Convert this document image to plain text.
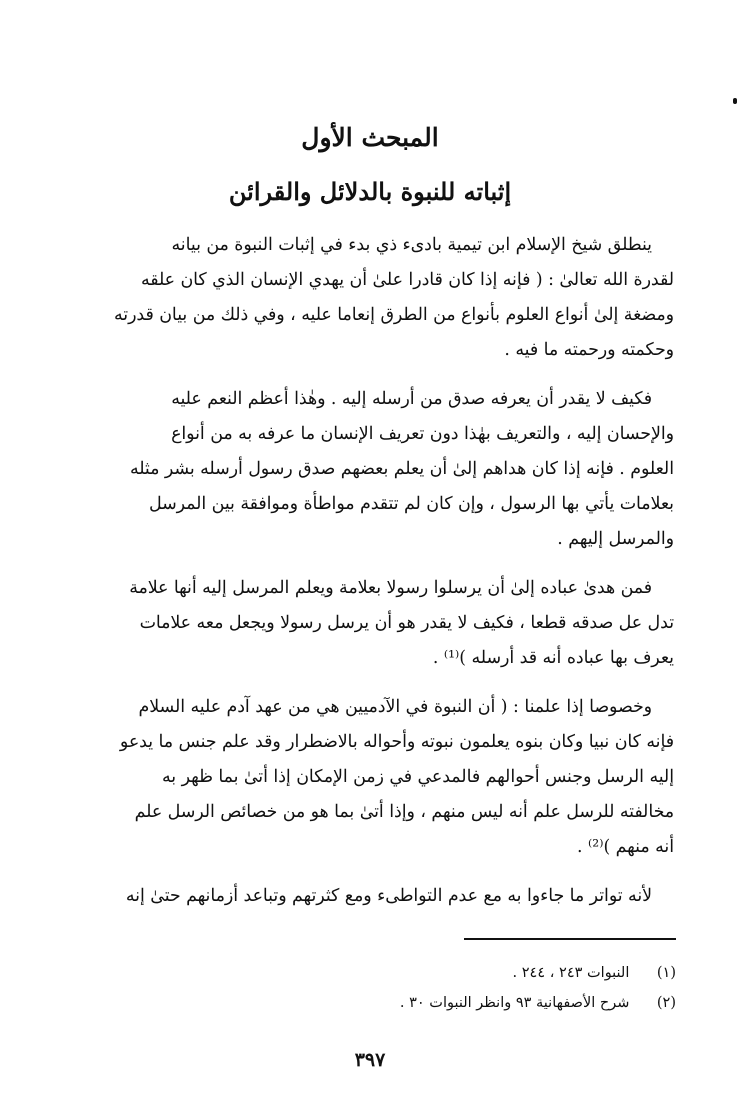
المبحث الأول
إثباته للنبوة بالدلائل والقرائن

ينطلق شيخ الإسلام ابن تيمية بادىء ذي بدء في إثبات النبوة من بيانه
لقدرة الله تعالىٰ : ( فإنه إذا كان قادرا علىٰ أن يهدي الإنسان الذي كان علقه
ومضغة إلىٰ أنواع العلوم بأنواع من الطرق إنعاما عليه ، وفي ذلك من بيان قدرته
وحكمته ورحمته ما فيه .

فكيف لا يقدر أن يعرفه صدق من أرسله إليه . وهٰذا أعظم النعم عليه
والإحسان إليه ، والتعريف بهٰذا دون تعريف الإنسان ما عرفه به من أنواع
العلوم . فإنه إذا كان هداهم إلىٰ أن يعلم بعضهم صدق رسول أرسله بشر مثله
بعلامات يأتي بها الرسول ، وإن كان لم تتقدم مواطأة وموافقة بين المرسل
والمرسل إليهم .

فمن هدىٰ عباده إلىٰ أن يرسلوا رسولا بعلامة ويعلم المرسل إليه أنها علامة
تدل عل صدقه قطعا ، فكيف لا يقدر هو أن يرسل رسولا ويجعل معه علامات
يعرف بها عباده أنه قد أرسله )⁽¹⁾ .

وخصوصا إذا علمنا : ( أن النبوة في الآدميين هي من عهد آدم عليه السلام
فإنه كان نبيا وكان بنوه يعلمون نبوته وأحواله بالاضطرار وقد علم جنس ما يدعو
إليه الرسل وجنس أحوالهم فالمدعي في زمن الإمكان إذا أتىٰ بما ظهر به
مخالفته للرسل علم أنه ليس منهم ، وإذا أتىٰ بما هو من خصائص الرسل علم
أنه منهم )⁽²⁾ .

لأنه تواتر ما جاءوا به مع عدم التواطىء ومع كثرتهم وتباعد أزمانهم حتىٰ إنه

(١) النبوات ٢٤٣ ، ٢٤٤ .
(٢) شرح الأصفهانية ٩٣ وانظر النبوات ٣٠ .
٣٩٧
